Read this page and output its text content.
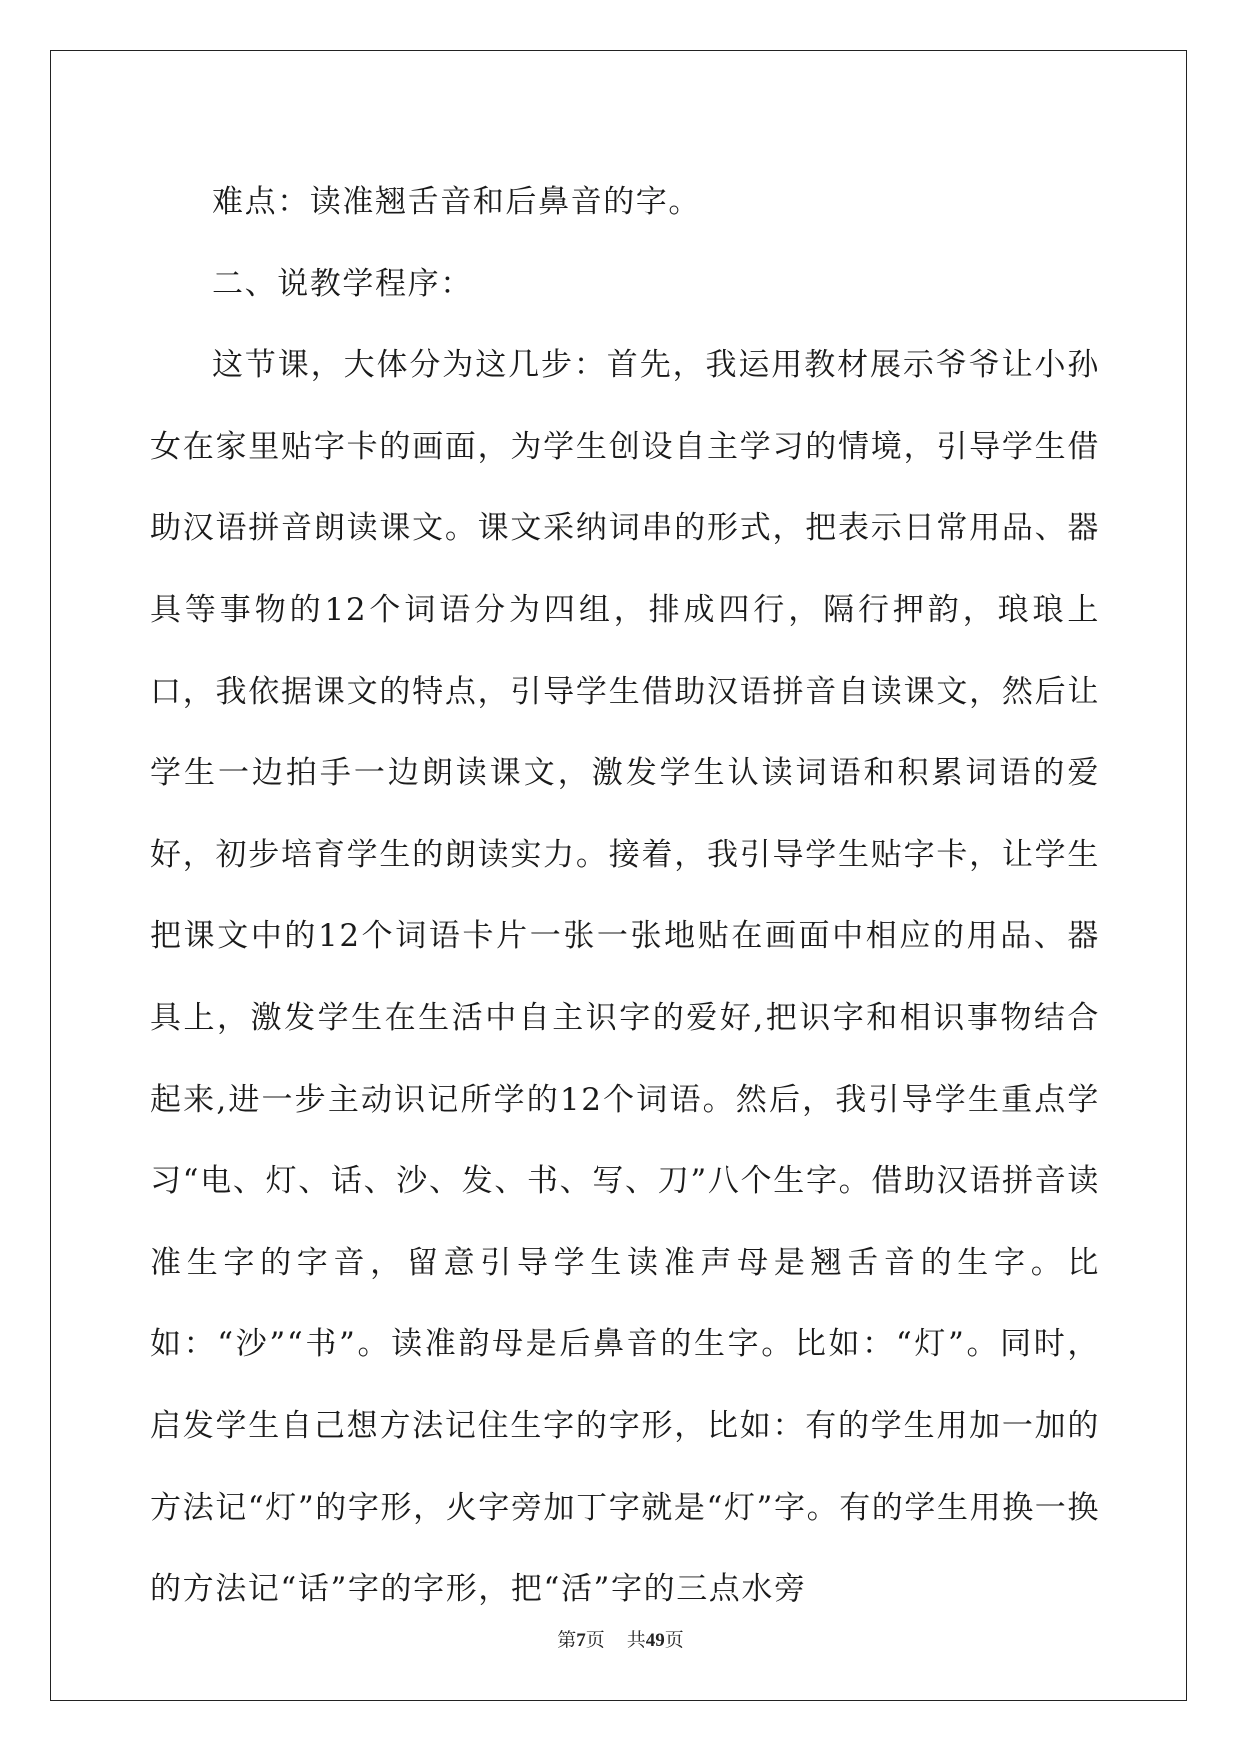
难点：读准翘舌音和后鼻音的字。

二、说教学程序：

这节课，大体分为这几步：首先，我运用教材展示爷爷让小孙女在家里贴字卡的画面，为学生创设自主学习的情境，引导学生借助汉语拼音朗读课文。课文采纳词串的形式，把表示日常用品、器具等事物的12个词语分为四组，排成四行，隔行押韵，琅琅上口，我依据课文的特点，引导学生借助汉语拼音自读课文，然后让学生一边拍手一边朗读课文，激发学生认读词语和积累词语的爱好，初步培育学生的朗读实力。接着，我引导学生贴字卡，让学生把课文中的12个词语卡片一张一张地贴在画面中相应的用品、器具上，激发学生在生活中自主识字的爱好,把识字和相识事物结合起来,进一步主动识记所学的12个词语。然后，我引导学生重点学习“电、灯、话、沙、发、书、写、刀”八个生字。借助汉语拼音读准生字的字音，留意引导学生读准声母是翘舌音的生字。比如：“沙”“书”。读准韵母是后鼻音的生字。比如：“灯”。同时，启发学生自己想方法记住生字的字形，比如：有的学生用加一加的方法记“灯”的字形，火字旁加丁字就是“灯”字。有的学生用换一换的方法记“话”字的字形，把“活”字的三点水旁

第7页 共49页
